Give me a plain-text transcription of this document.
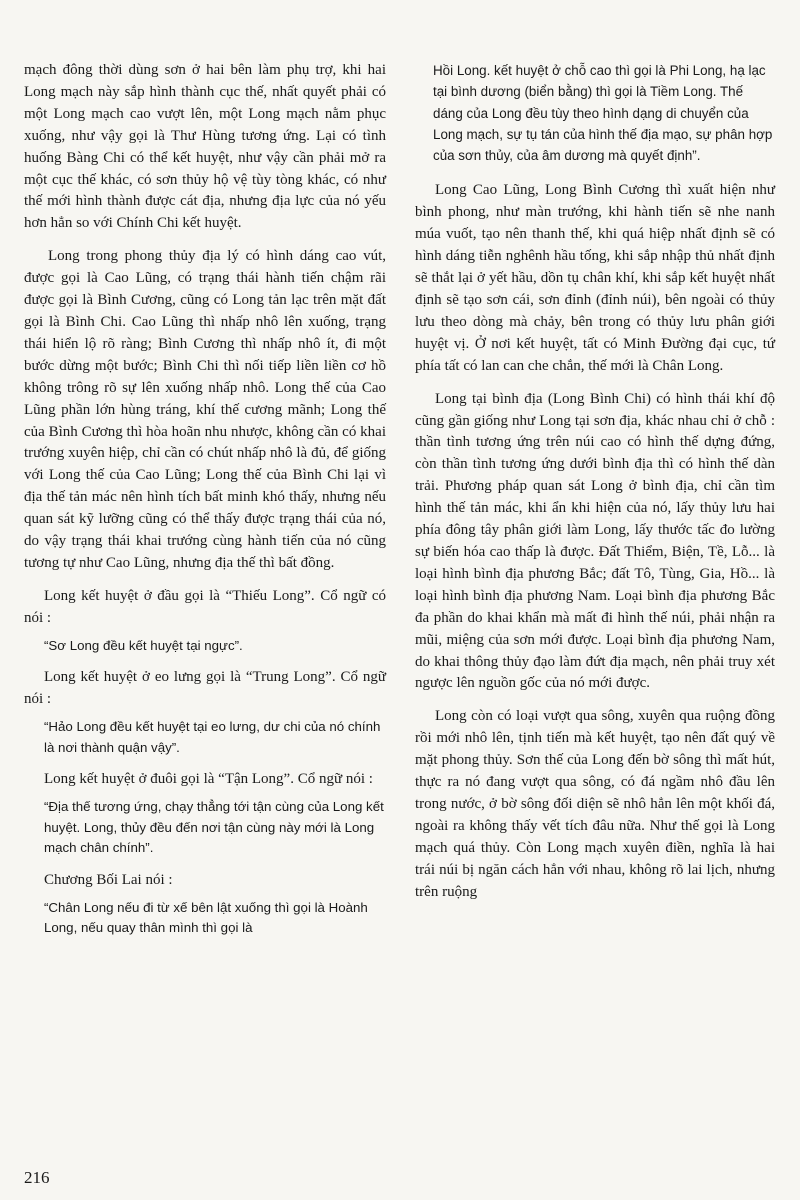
mạch đông thời dùng sơn ở hai bên làm phụ trợ, khi hai Long mạch này sắp hình thành cục thế, nhất quyết phải có một Long mạch cao vượt lên, một Long mạch nằm phục xuống, như vậy gọi là Thư Hùng tương ứng. Lại có tình huống Bàng Chi có thể kết huyệt, như vậy cần phải mở ra một cục thế khác, có sơn thủy hộ vệ tùy tòng khác, có như thế mới hình thành được cát địa, nhưng địa lực của nó yếu hơn hẳn so với Chính Chi kết huyệt.

Long trong phong thủy địa lý có hình dáng cao vút, được gọi là Cao Lũng, có trạng thái hành tiến chậm rãi được gọi là Bình Cương, cũng có Long tản lạc trên mặt đất gọi là Bình Chi. Cao Lũng thì nhấp nhô lên xuống, trạng thái hiển lộ rõ ràng; Bình Cương thì nhấp nhô ít, đi một bước dừng một bước; Bình Chi thì nối tiếp liền liền cơ hồ không trông rõ sự lên xuống nhấp nhô. Long thế của Cao Lũng phần lớn hùng tráng, khí thế cương mãnh; Long thế của Bình Cương thì hòa hoãn nhu nhược, không cần có khai trướng xuyên hiệp, chỉ cần có chút nhấp nhô là đủ, để giống với Long thế của Cao Lũng; Long thế của Bình Chi lại vì địa thế tản mác nên hình tích bất minh khó thấy, nhưng nếu quan sát kỹ lưỡng cũng có thể thấy được trạng thái của nó, do vậy trạng thái khai trướng cùng hành tiến của nó cũng tương tự như Cao Lũng, nhưng địa thế thì bất đồng.

Long kết huyệt ở đầu gọi là “Thiếu Long”. Cổ ngữ có nói :

“Sơ Long đều kết huyệt tại ngực”.

Long kết huyệt ở eo lưng gọi là “Trung Long”. Cổ ngữ nói :

“Hảo Long đều kết huyệt tại eo lưng, dư chi của nó chính là nơi thành quận vậy”.

Long kết huyệt ở đuôi gọi là “Tận Long”. Cổ ngữ nói :

“Địa thế tương ứng, chạy thẳng tới tận cùng của Long kết huyệt. Long, thủy đều đến nơi tận cùng này mới là Long mạch chân chính”.

Chương Bối Lai nói :

“Chân Long nếu đi từ xế bên lật xuống thì gọi là Hoành Long, nếu quay thân mình thì gọi là

Hồi Long. kết huyệt ở chỗ cao thì gọi là Phi Long, hạ lạc tại bình dương (biển bằng) thì gọi là Tiềm Long. Thế dáng của Long đều tùy theo hình dạng di chuyển của Long mạch, sự tụ tán của hình thế địa mạo, sự phân hợp của sơn thủy, của âm dương mà quyết định”.

Long Cao Lũng, Long Bình Cương thì xuất hiện như bình phong, như màn trướng, khi hành tiến sẽ nhe nanh múa vuốt, tạo nên thanh thế, khi quá hiệp nhất định sẽ có hình dáng tiễn nghênh hầu tống, khi sắp nhập thủ nhất định sẽ thắt lại ở yết hầu, dồn tụ chân khí, khi sắp kết huyệt nhất định sẽ tạo sơn cái, sơn đỉnh (đỉnh núi), bên ngoài có thủy lưu theo dòng mà chảy, bên trong có thủy lưu phân giới huyệt vị. Ở nơi kết huyệt, tất có Minh Đường đại cục, tứ phía tất có lan can che chắn, thế mới là Chân Long.

Long tại bình địa (Long Bình Chi) có hình thái khí độ cũng gần giống như Long tại sơn địa, khác nhau chỉ ở chỗ : thần tình tương ứng trên núi cao có hình thế dựng đứng, còn thần tình tương ứng dưới bình địa thì có hình thế dàn trải. Phương pháp quan sát Long ở bình địa, chỉ cần tìm hình thế tản mác, khi ẩn khi hiện của nó, lấy thủy lưu hai phía đông tây phân giới làm Long, lấy thước tấc đo lường sự biến hóa cao thấp là được. Đất Thiểm, Biện, Tề, Lỗ... là loại hình bình địa phương Bắc; đất Tô, Tùng, Gia, Hồ... là loại hình bình địa phương Nam. Loại bình địa phương Bắc đa phần do khai khẩn mà mất đi hình thế núi, phải nhận ra mũi, miệng của sơn mới được. Loại bình địa phương Nam, do khai thông thủy đạo làm đứt địa mạch, nên phải truy xét ngược lên nguồn gốc của nó mới được.

Long còn có loại vượt qua sông, xuyên qua ruộng đồng rồi mới nhô lên, tịnh tiến mà kết huyệt, tạo nên đất quý về mặt phong thủy. Sơn thế của Long đến bờ sông thì mất hút, thực ra nó đang vượt qua sông, có đá ngầm nhô đầu lên trong nước, ở bờ sông đối diện sẽ nhô hẳn lên một khối đá, ngoài ra không thấy vết tích đâu nữa. Như thế gọi là Long mạch quá thủy. Còn Long mạch xuyên điền, nghĩa là hai trái núi bị ngăn cách hẳn với nhau, không rõ lai lịch, nhưng trên ruộng

216
